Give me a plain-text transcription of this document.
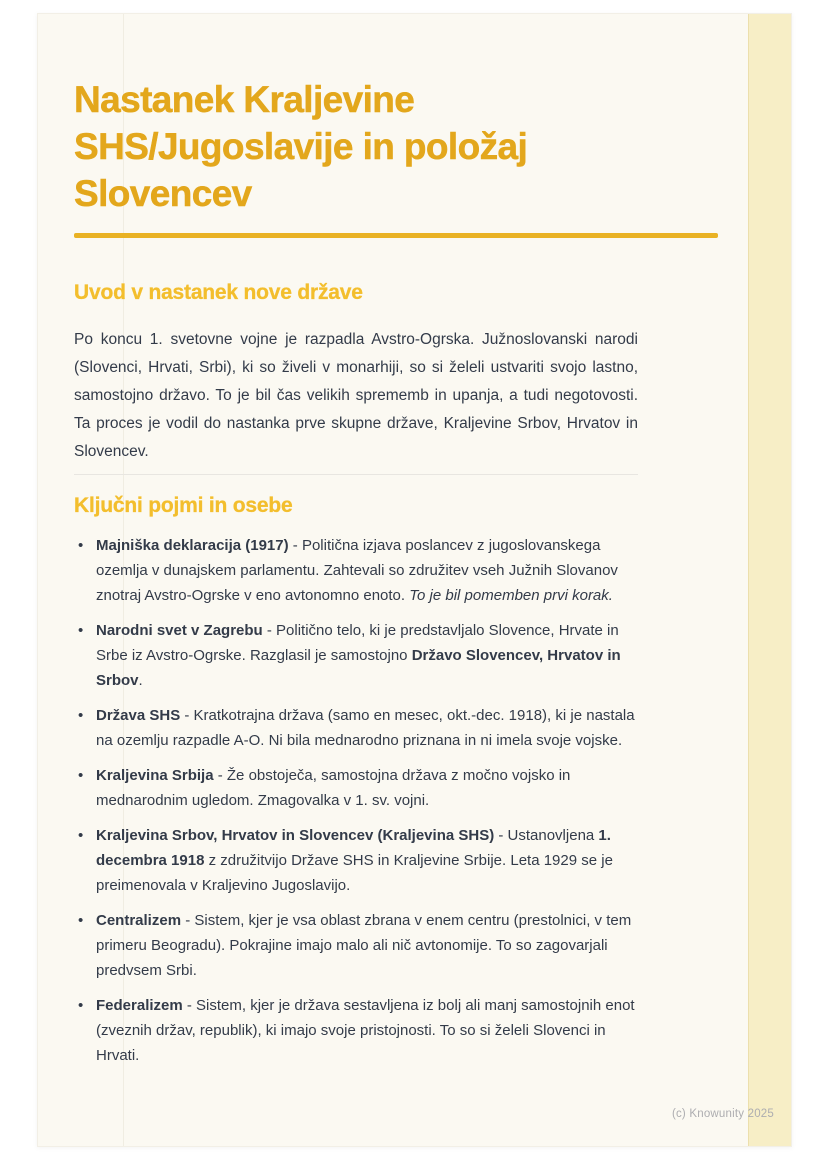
Nastanek Kraljevine
SHS/Jugoslavije in položaj
Slovencev
Uvod v nastanek nove države

Po koncu 1. svetovne vojne je razpadla Avstro-Ogrska. Južnoslovanski narodi (Slovenci, Hrvati, Srbi), ki so živeli v monarhiji, so si želeli ustvariti svojo lastno, samostojno državo. To je bil čas velikih sprememb in upanja, a tudi negotovosti. Ta proces je vodil do nastanka prve skupne države, Kraljevine Srbov, Hrvatov in Slovencev.

Ključni pojmi in osebe
• Majniška deklaracija (1917) - Politična izjava poslancev z jugoslovanskega ozemlja v dunajskem parlamentu. Zahtevali so združitev vseh Južnih Slovanov znotraj Avstro-Ogrske v eno avtonomno enoto. To je bil pomemben prvi korak.
• Narodni svet v Zagrebu - Politično telo, ki je predstavljalo Slovence, Hrvate in Srbe iz Avstro-Ogrske. Razglasil je samostojno Državo Slovencev, Hrvatov in Srbov.
• Država SHS - Kratkotrajna država (samo en mesec, okt.-dec. 1918), ki je nastala na ozemlju razpadle A-O. Ni bila mednarodno priznana in ni imela svoje vojske.
• Kraljevina Srbija - Že obstoječa, samostojna država z močno vojsko in mednarodnim ugledom. Zmagovalka v 1. sv. vojni.
• Kraljevina Srbov, Hrvatov in Slovencev (Kraljevina SHS) - Ustanovljena 1. decembra 1918 z združitvijo Države SHS in Kraljevine Srbije. Leta 1929 se je preimenovala v Kraljevino Jugoslavijo.
• Centralizem - Sistem, kjer je vsa oblast zbrana v enem centru (prestolnici, v tem primeru Beogradu). Pokrajine imajo malo ali nič avtonomije. To so zagovarjali predvsem Srbi.
• Federalizem - Sistem, kjer je država sestavljena iz bolj ali manj samostojnih enot (zveznih držav, republik), ki imajo svoje pristojnosti. To so si želeli Slovenci in Hrvati.
(c) Knowunity 2025
